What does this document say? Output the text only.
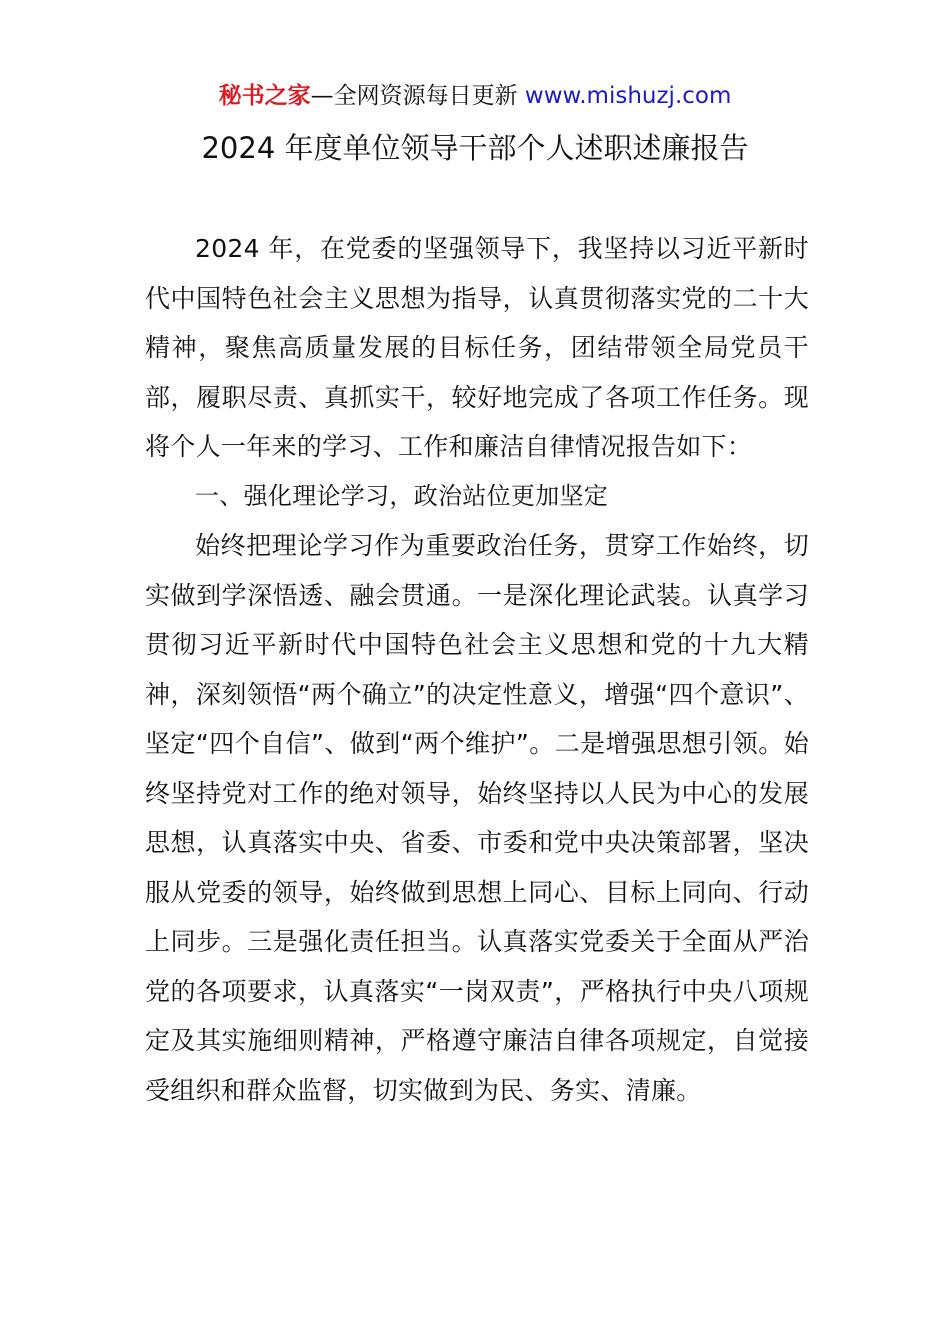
秘书之家—全网资源每日更新 www.mishuzj.com
2024 年度单位领导干部个人述职述廉报告

2024 年，在党委的坚强领导下，我坚持以习近平新时代中国特色社会主义思想为指导，认真贯彻落实党的二十大精神，聚焦高质量发展的目标任务，团结带领全局党员干部，履职尽责、真抓实干，较好地完成了各项工作任务。现将个人一年来的学习、工作和廉洁自律情况报告如下：

一、强化理论学习，政治站位更加坚定

始终把理论学习作为重要政治任务，贯穿工作始终，切实做到学深悟透、融会贯通。一是深化理论武装。认真学习贯彻习近平新时代中国特色社会主义思想和党的十九大精神，深刻领悟“两个确立”的决定性意义，增强“四个意识”、坚定“四个自信”、做到“两个维护”。二是增强思想引领。始终坚持党对工作的绝对领导，始终坚持以人民为中心的发展思想，认真落实中央、省委、市委和党中央决策部署，坚决服从党委的领导，始终做到思想上同心、目标上同向、行动上同步。三是强化责任担当。认真落实党委关于全面从严治党的各项要求，认真落实“一岗双责”，严格执行中央八项规定及其实施细则精神，严格遵守廉洁自律各项规定，自觉接受组织和群众监督，切实做到为民、务实、清廉。
